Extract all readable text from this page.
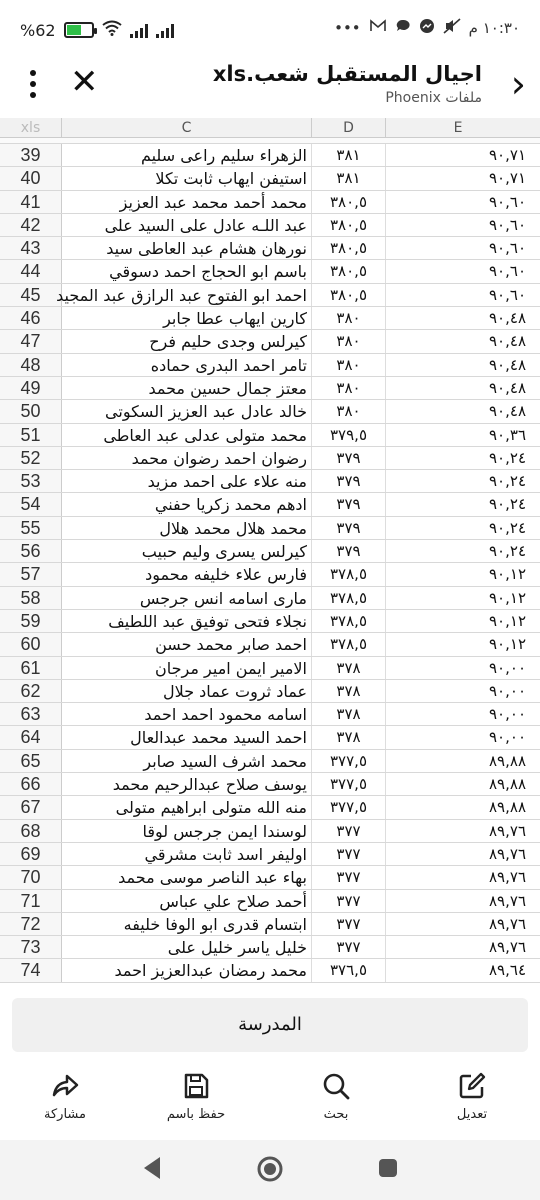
%62	١٠:٣٠ م
•••
›
اجيال المستقبل شعب.xls
ملفات Phoenix
✕
xls	C	D	E
39	الزهراء سليم راعى سليم	٣٨١	٩٠,٧١
40	استيفن ايهاب ثابت تكلا	٣٨١	٩٠,٧١
41	محمد أحمد محمد عبد العزيز	٣٨٠,٥	٩٠,٦٠
42	عبد اللـه عادل على السيد على	٣٨٠,٥	٩٠,٦٠
43	نورهان هشام عبد العاطى سيد	٣٨٠,٥	٩٠,٦٠
44	باسم ابو الحجاج احمد دسوقي	٣٨٠,٥	٩٠,٦٠
45 احمد ابو الفتوح عبد الرازق عبد المجيد	٣٨٠,٥	٩٠,٦٠
46	كارين ايهاب عطا جابر	٣٨٠	٩٠,٤٨
47	كيرلس وجدى حليم فرح	٣٨٠	٩٠,٤٨
48	تامر احمد البدرى حماده	٣٨٠	٩٠,٤٨
49	معتز جمال حسين محمد	٣٨٠	٩٠,٤٨
50	خالد عادل عبد العزيز السكوتى	٣٨٠	٩٠,٤٨
51	محمد متولى عدلى عبد العاطى	٣٧٩,٥	٩٠,٣٦
52	رضوان احمد رضوان محمد	٣٧٩	٩٠,٢٤
53	منه علاء على احمد مزيد	٣٧٩	٩٠,٢٤
54	ادهم محمد زكريا حفني	٣٧٩	٩٠,٢٤
55	محمد هلال محمد هلال	٣٧٩	٩٠,٢٤
56	كيرلس يسرى وليم حبيب	٣٧٩	٩٠,٢٤
57	فارس علاء خليفه محمود	٣٧٨,٥	٩٠,١٢
58	مارى اسامه انس جرجس	٣٧٨,٥	٩٠,١٢
59	نجلاء فتحى توفيق عبد اللطيف	٣٧٨,٥	٩٠,١٢
60	احمد صابر محمد حسن	٣٧٨,٥	٩٠,١٢
61	الامير ايمن امير مرجان	٣٧٨	٩٠,٠٠
62	عماد ثروت عماد جلال	٣٧٨	٩٠,٠٠
63	اسامه محمود احمد احمد	٣٧٨	٩٠,٠٠
64	احمد السيد محمد عبدالعال	٣٧٨	٩٠,٠٠
65	محمد اشرف السيد صابر	٣٧٧,٥	٨٩,٨٨
66	يوسف صلاح عبدالرحيم محمد	٣٧٧,٥	٨٩,٨٨
67	منه الله متولى ابراهيم متولى	٣٧٧,٥	٨٩,٨٨
68	لوسندا ايمن جرجس لوقا	٣٧٧	٨٩,٧٦
69	اوليفر اسد ثابت مشرقي	٣٧٧	٨٩,٧٦
70	بهاء عبد الناصر موسى محمد	٣٧٧	٨٩,٧٦
71	أحمد صلاح علي عباس	٣٧٧	٨٩,٧٦
72	ابتسام قدرى ابو الوفا خليفه	٣٧٧	٨٩,٧٦
73	خليل ياسر خليل على	٣٧٧	٨٩,٧٦
74	محمد رمضان عبدالعزيز احمد	٣٧٦,٥	٨٩,٦٤
المدرسة
مشاركة	حفظ باسم	بحث	تعديل
